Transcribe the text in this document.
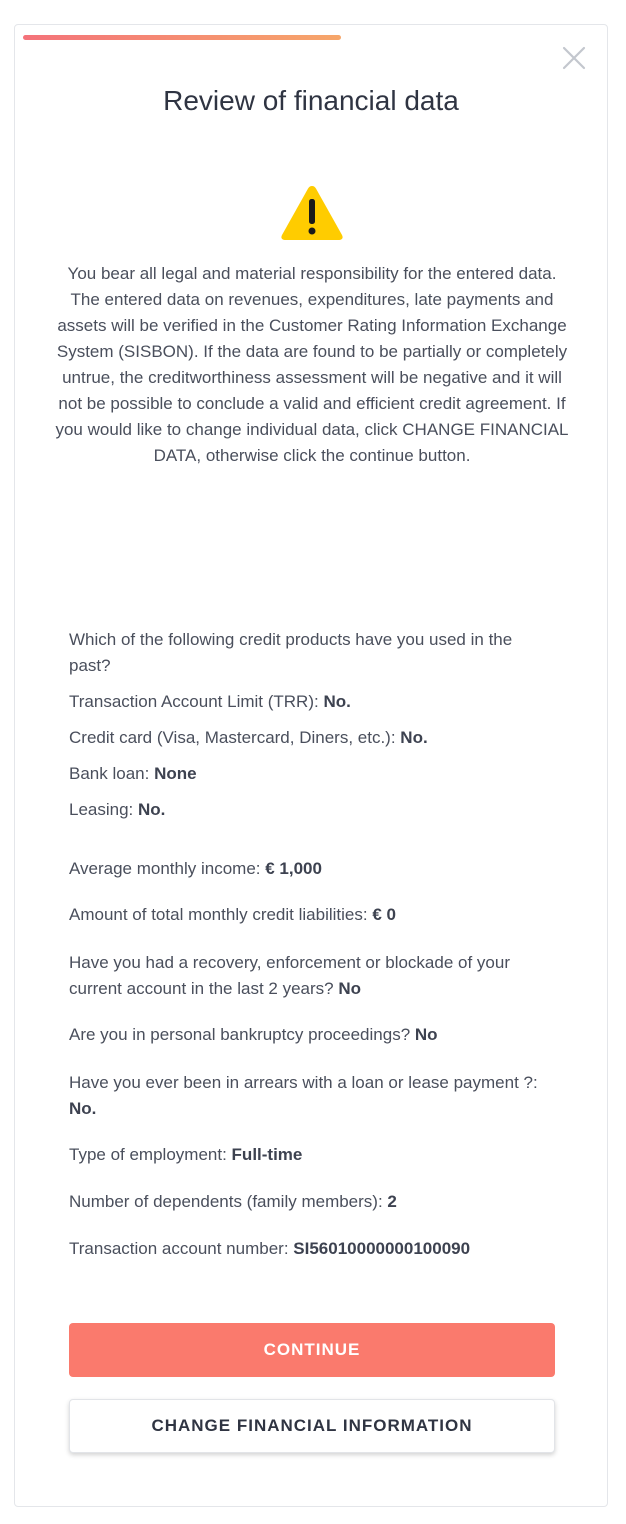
Review of financial data

You bear all legal and material responsibility for the entered data. The entered data on revenues, expenditures, late payments and assets will be verified in the Customer Rating Information Exchange System (SISBON). If the data are found to be partially or completely untrue, the creditworthiness assessment will be negative and it will not be possible to conclude a valid and efficient credit agreement. If you would like to change individual data, click CHANGE FINANCIAL DATA, otherwise click the continue button.

Which of the following credit products have you used in the past?
Transaction Account Limit (TRR): No.
Credit card (Visa, Mastercard, Diners, etc.): No.
Bank loan: None
Leasing: No.
Average monthly income: € 1,000
Amount of total monthly credit liabilities: € 0
Have you had a recovery, enforcement or blockade of your current account in the last 2 years? No
Are you in personal bankruptcy proceedings? No
Have you ever been in arrears with a loan or lease payment ?: No.
Type of employment: Full-time
Number of dependents (family members): 2
Transaction account number: SI56010000000100090
CONTINUE
CHANGE FINANCIAL INFORMATION
